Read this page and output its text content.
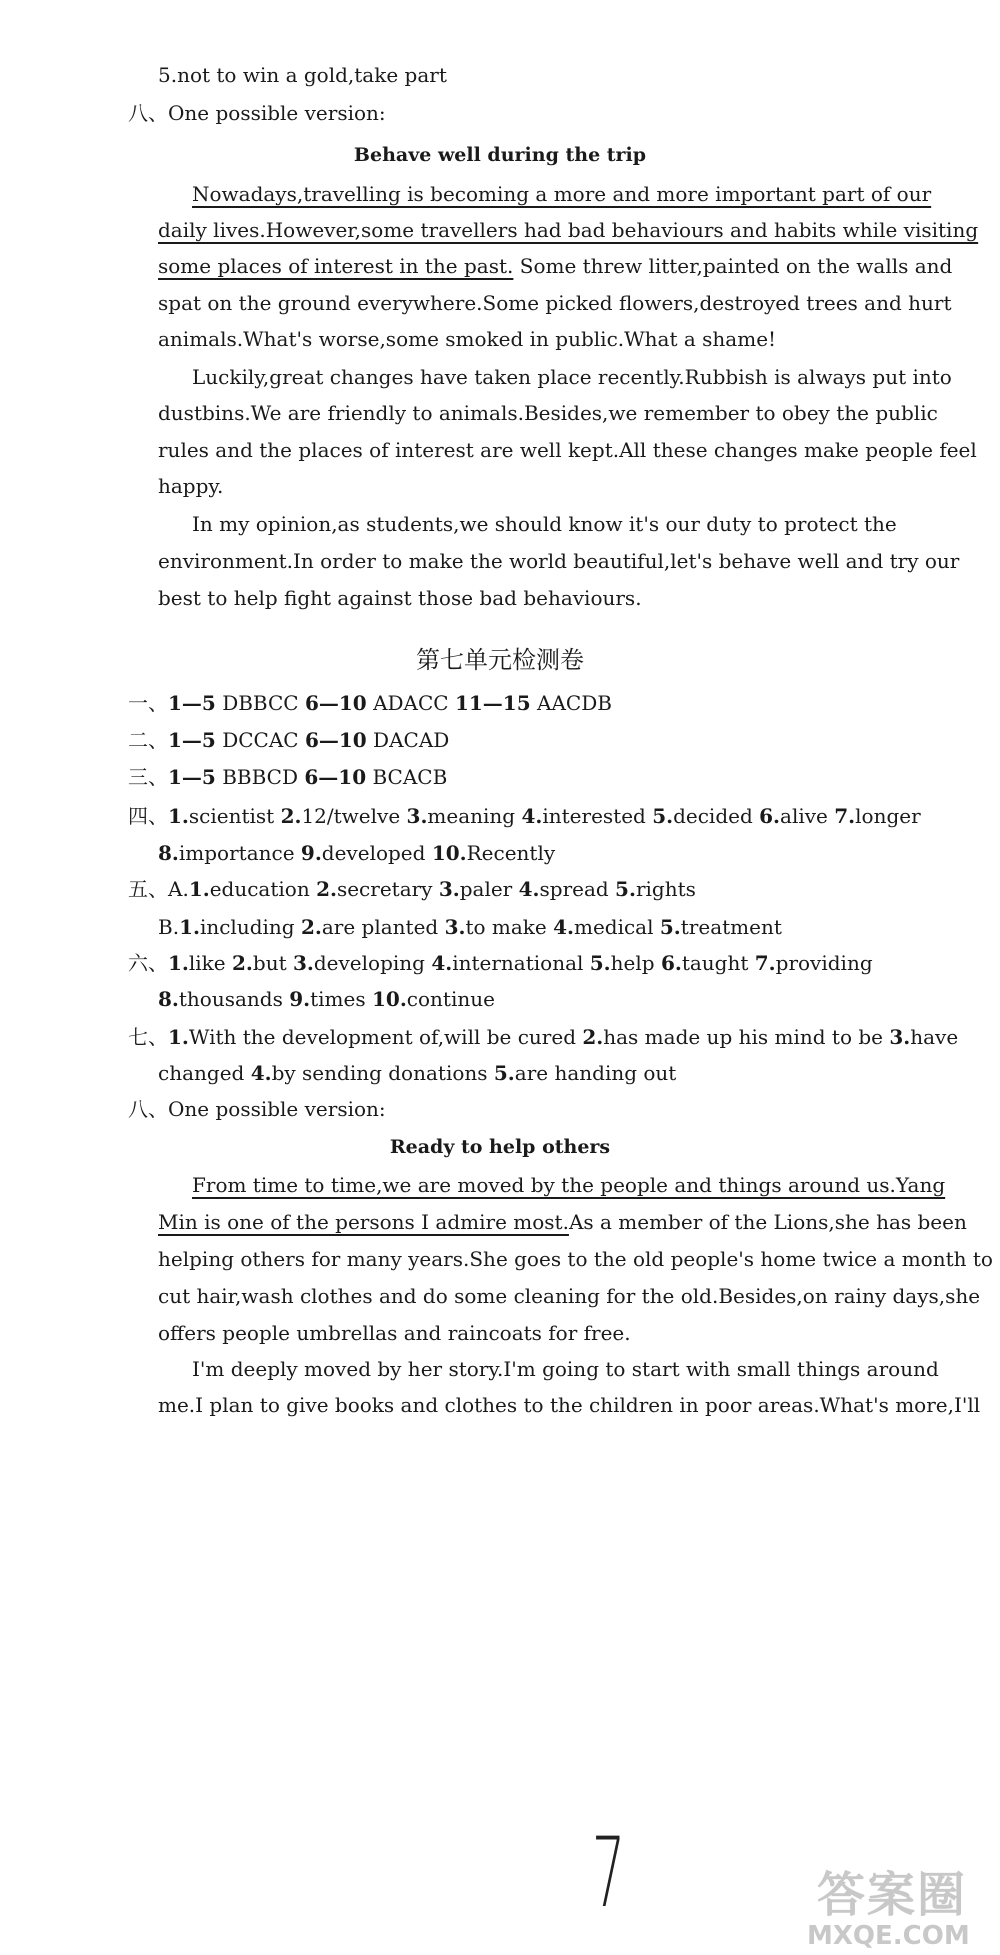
5.not to win a gold,take part
八、One possible version:
Behave well during the trip
Nowadays,travelling is becoming a more and more important part of our
daily lives.However,some travellers had bad behaviours and habits while visiting
some places of interest in the past. Some threw litter,painted on the walls and
spat on the ground everywhere.Some picked flowers,destroyed trees and hurt
animals.What's worse,some smoked in public.What a shame!
Luckily,great changes have taken place recently.Rubbish is always put into
dustbins.We are friendly to animals.Besides,we remember to obey the public
rules and the places of interest are well kept.All these changes make people feel
happy.
In my opinion,as students,we should know it's our duty to protect the
environment.In order to make the world beautiful,let's behave well and try our
best to help fight against those bad behaviours.
第七单元检测卷
一、1—5 DBBCC 6—10 ADACC 11—15 AACDB
二、1—5 DCCAC 6—10 DACAD
三、1—5 BBBCD 6—10 BCACB
四、1.scientist 2.12/twelve 3.meaning 4.interested 5.decided 6.alive 7.longer
8.importance 9.developed 10.Recently
五、A.1.education 2.secretary 3.paler 4.spread 5.rights
B.1.including 2.are planted 3.to make 4.medical 5.treatment
六、1.like 2.but 3.developing 4.international 5.help 6.taught 7.providing
8.thousands 9.times 10.continue
七、1.With the development of,will be cured 2.has made up his mind to be 3.have
changed 4.by sending donations 5.are handing out
八、One possible version:
Ready to help others
From time to time,we are moved by the people and things around us.Yang
Min is one of the persons I admire most.As a member of the Lions,she has been
helping others for many years.She goes to the old people's home twice a month to
cut hair,wash clothes and do some cleaning for the old.Besides,on rainy days,she
offers people umbrellas and raincoats for free.
I'm deeply moved by her story.I'm going to start with small things around
me.I plan to give books and clothes to the children in poor areas.What's more,I'll
7	答案圈
MXQE.COM
